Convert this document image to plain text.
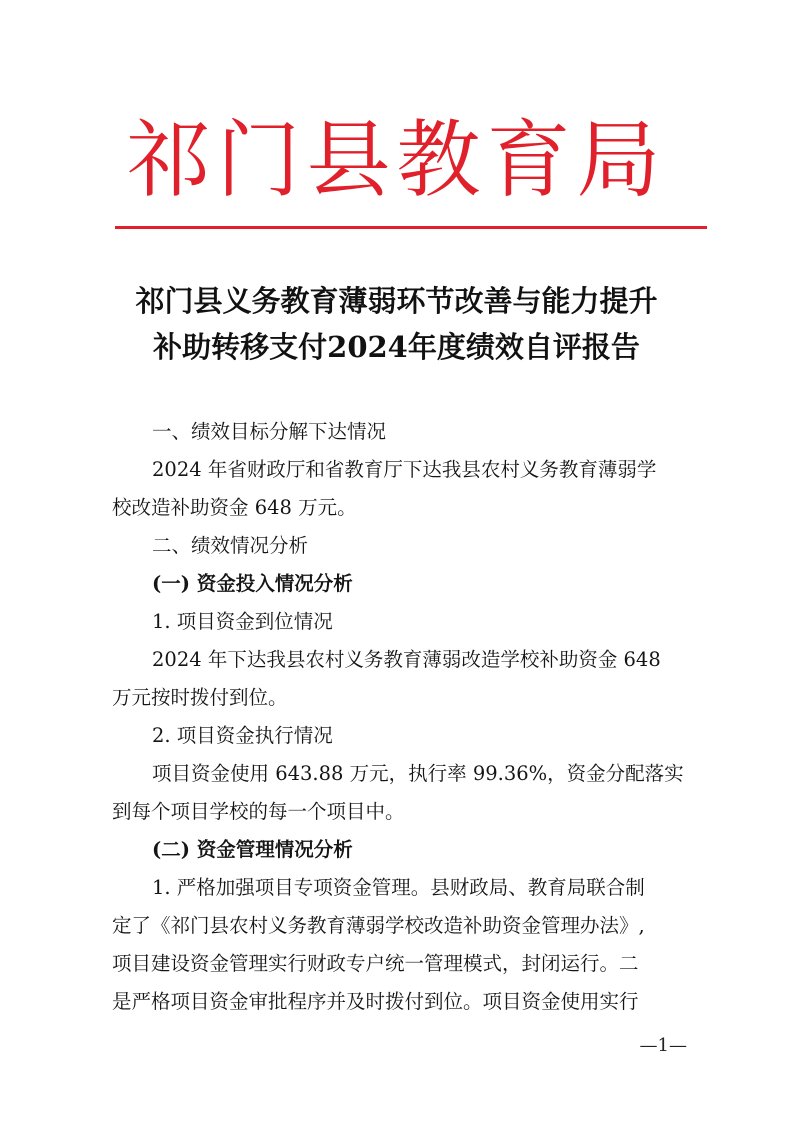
祁门县教育局
祁门县义务教育薄弱环节改善与能力提升
补助转移支付2024年度绩效自评报告

一、绩效目标分解下达情况

2024 年省财政厅和省教育厅下达我县农村义务教育薄弱学

校改造补助资金 648 万元。

二、绩效情况分析

(一) 资金投入情况分析

1. 项目资金到位情况

2024 年下达我县农村义务教育薄弱改造学校补助资金 648

万元按时拨付到位。

2. 项目资金执行情况

项目资金使用 643.88 万元，执行率 99.36%，资金分配落实

到每个项目学校的每一个项目中。

(二) 资金管理情况分析

1. 严格加强项目专项资金管理。县财政局、教育局联合制

定了《祁门县农村义务教育薄弱学校改造补助资金管理办法》,

项目建设资金管理实行财政专户统一管理模式，封闭运行。二

是严格项目资金审批程序并及时拨付到位。项目资金使用实行

—1—
